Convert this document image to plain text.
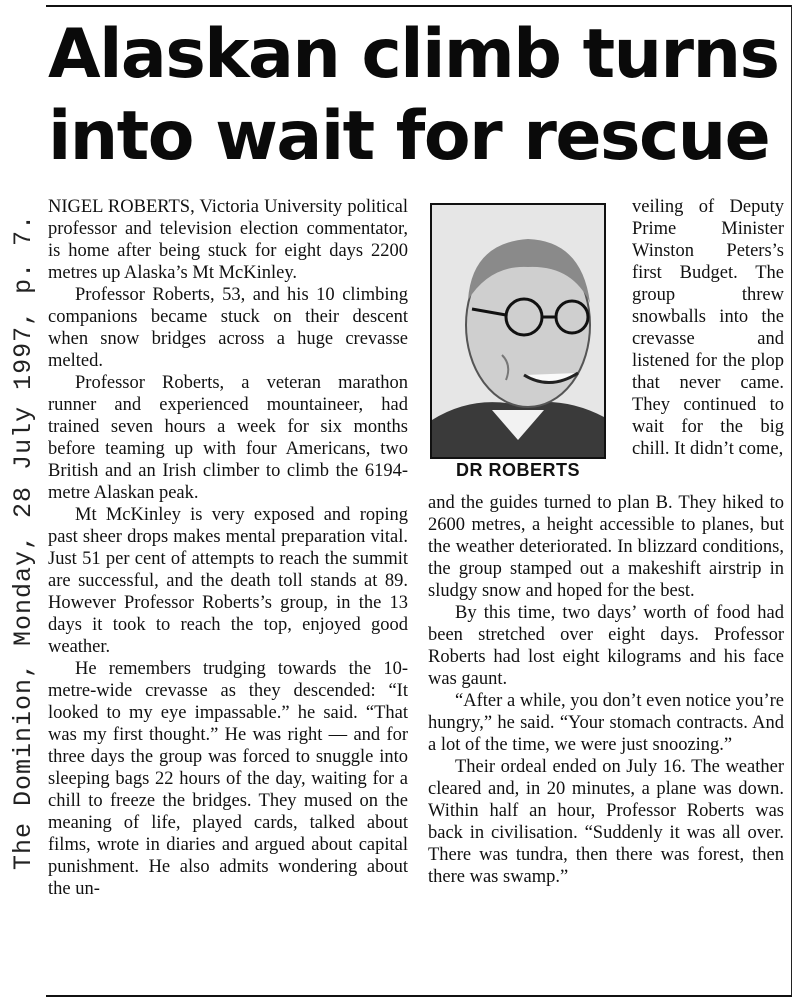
The Dominion, Monday, 28 July 1997, p. 7.
Alaskan climb turns
into wait for rescue

NIGEL ROBERTS, Victoria University political professor and television election commentator, is home after being stuck for eight days 2200 metres up Alaska’s Mt McKinley.

Professor Roberts, 53, and his 10 climbing companions became stuck on their descent when snow bridges across a huge crevasse melted.

Professor Roberts, a veteran marathon runner and experienced mountaineer, had trained seven hours a week for six months before teaming up with four Americans, two British and an Irish climber to climb the 6194-metre Alaskan peak.

Mt McKinley is very exposed and roping past sheer drops makes mental preparation vital. Just 51 per cent of attempts to reach the summit are successful, and the death toll stands at 89. However Professor Roberts’s group, in the 13 days it took to reach the top, enjoyed good weather.

He remembers trudging towards the 10-metre-wide crevasse as they descended: “It looked to my eye impassable.” he said. “That was my first thought.” He was right — and for three days the group was forced to snuggle into sleeping bags 22 hours of the day, waiting for a chill to freeze the bridges. They mused on the meaning of life, played cards, talked about films, wrote in diaries and argued about capital punishment. He also admits wondering about the un-

DR ROBERTS

veiling of Deputy Prime Minister Winston Peters’s first Budget. The group threw snowballs into the crevasse and listened for the plop that never came. They continued to wait for the big chill. It didn’t come,

and the guides turned to plan B. They hiked to 2600 metres, a height accessible to planes, but the weather deteriorated. In blizzard conditions, the group stamped out a makeshift airstrip in sludgy snow and hoped for the best.

By this time, two days’ worth of food had been stretched over eight days. Professor Roberts had lost eight kilograms and his face was gaunt.

“After a while, you don’t even notice you’re hungry,” he said. “Your stomach contracts. And a lot of the time, we were just snoozing.”

Their ordeal ended on July 16. The weather cleared and, in 20 minutes, a plane was down. Within half an hour, Professor Roberts was back in civilisation. “Suddenly it was all over. There was tundra, then there was forest, then there was swamp.”
